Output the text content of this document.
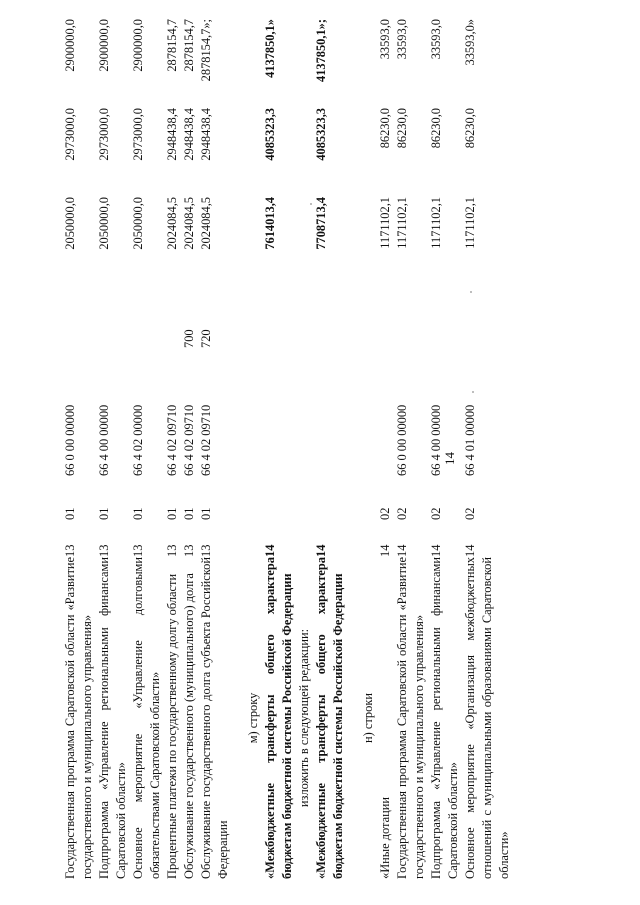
14
Государственная программа Саратовской области «Развитие государственного и муниципального управления»	13	01	66 0 00 00000		2050000,0	2973000,0	2900000,0
Подпрограмма «Управление региональными финансами Саратовской области»	13	01	66 4 00 00000		2050000,0	2973000,0	2900000,0
Основное мероприятие «Управление долговыми обязательствами Саратовской области»	13	01	66 4 02 00000		2050000,0	2973000,0	2900000,0
Процентные платежи по государственному долгу области	13	01	66 4 02 09710		2024084,5	2948438,4	2878154,7
Обслуживание государственного (муниципального) долга	13	01	66 4 02 09710	700	2024084,5	2948438,4	2878154,7
Обслуживание государственного долга субъекта Российской Федерации	13	01	66 4 02 09710	720	2024084,5	2948438,4	2878154,7»;

м) строку							
«Межбюджетные трансферты общего характера бюджетам бюджетной системы Российской Федерации	14				7614013,4	4085323,3	4137850,1»
изложить в следующей редакции:							
«Межбюджетные трансферты общего характера бюджетам бюджетной системы Российской Федерации	14				7708713,4	4085323,3	4137850,1»;

н) строки							
«Иные дотации	14	02			1171102,1	86230,0	33593,0
Государственная программа Саратовской области «Развитие государственного и муниципального управления»	14	02	66 0 00 00000		1171102,1	86230,0	33593,0
Подпрограмма «Управление региональными финансами Саратовской области»	14	02	66 4 00 00000		1171102,1	86230,0	33593,0
Основное мероприятие «Организация межбюджетных отношений с муниципальными образованиями Саратовской области»	14	02	66 4 01 00000		1171102,1	86230,0	33593,0»
